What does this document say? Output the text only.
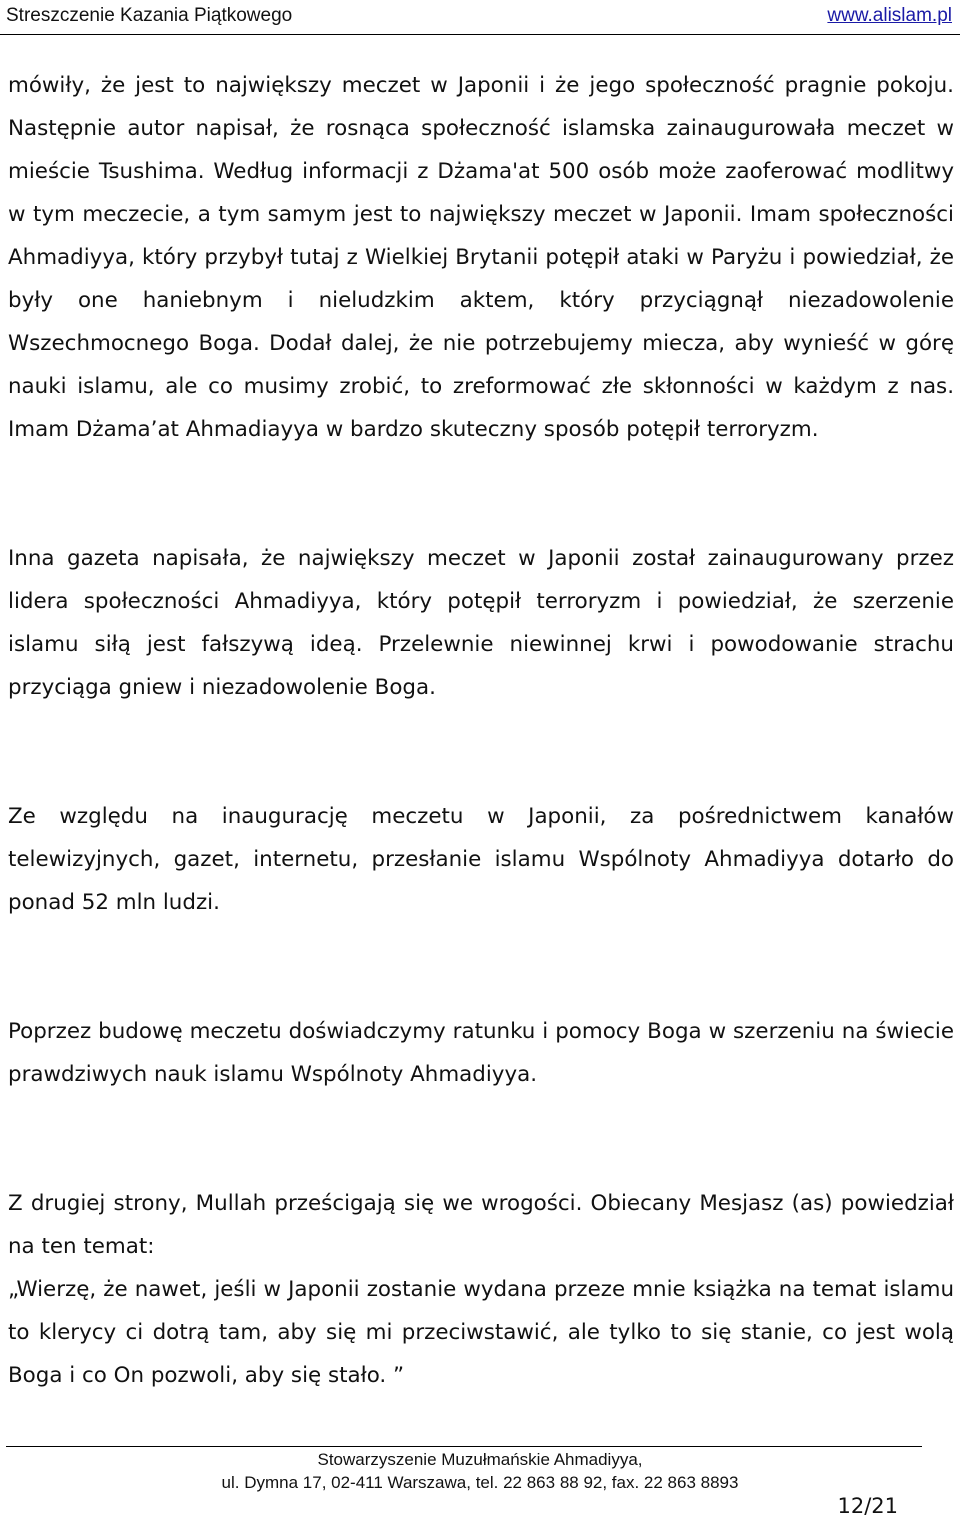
Streszczenie Kazania Piątkowego	www.alislam.pl

mówiły, że jest to największy meczet w Japonii i że jego społeczność pragnie pokoju. Następnie autor napisał, że rosnąca społeczność islamska zainaugurowała meczet w mieście Tsushima. Według informacji z Dżama'at 500 osób może zaoferować modlitwy w tym meczecie, a tym samym jest to największy meczet w Japonii. Imam społeczności Ahmadiyya, który przybył tutaj z Wielkiej Brytanii potępił ataki w Paryżu i powiedział, że były one haniebnym i nieludzkim aktem, który przyciągnął niezadowolenie Wszechmocnego Boga. Dodał dalej, że nie potrzebujemy miecza, aby wynieść w górę nauki islamu, ale co musimy zrobić, to zreformować złe skłonności w każdym z nas. Imam Dżama’at Ahmadiayya w bardzo skuteczny sposób potępił terroryzm.

Inna gazeta napisała, że największy meczet w Japonii został zainaugurowany przez lidera społeczności Ahmadiyya, który potępił terroryzm i powiedział, że szerzenie islamu siłą jest fałszywą ideą. Przelewnie niewinnej krwi i powodowanie strachu przyciąga gniew i niezadowolenie Boga.

Ze względu na inaugurację meczetu w Japonii, za pośrednictwem kanałów telewizyjnych, gazet, internetu, przesłanie islamu Wspólnoty Ahmadiyya dotarło do ponad 52 mln ludzi.

Poprzez budowę meczetu doświadczymy ratunku i pomocy Boga w szerzeniu na świecie prawdziwych nauk islamu Wspólnoty Ahmadiyya.

Z drugiej strony, Mullah prześcigają się we wrogości. Obiecany Mesjasz (as) powiedział na ten temat:

„Wierzę, że nawet, jeśli w Japonii zostanie wydana przeze mnie książka na temat islamu to klerycy ci dotrą tam, aby się mi przeciwstawić, ale tylko to się stanie, co jest wolą Boga i co On pozwoli, aby się stało. ”

Stowarzyszenie Muzułmańskie Ahmadiyya,
ul. Dymna 17, 02-411 Warszawa, tel. 22 863 88 92, fax. 22 863 8893
12/21
